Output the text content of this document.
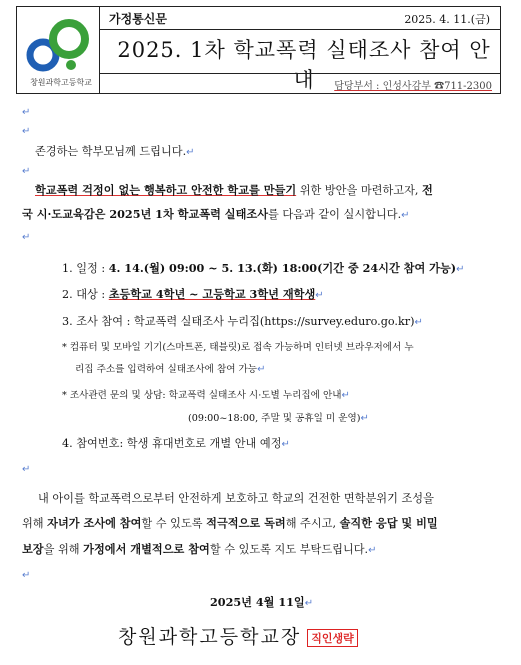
창원과학고등학교
가정통신문	2025. 4. 11.(금)
2025. 1차 학교폭력 실태조사 참여 안내	담당부서 : 인성사감부 ☎711-2300
↵
↵
존경하는 학부모님께 드립니다.↵
↵
학교폭력 걱정이 없는 행복하고 안전한 학교를 만들기 위한 방안을 마련하고자, 전
국 시·도교육감은 2025년 1차 학교폭력 실태조사를 다음과 같이 실시합니다.↵
↵
1. 일정 : 4. 14.(월) 09:00 ~ 5. 13.(화) 18:00(기간 중 24시간 참여 가능)↵
2. 대상 : 초등학교 4학년 ~ 고등학교 3학년 재학생↵
3. 조사 참여 : 학교폭력 실태조사 누리집(https://survey.eduro.go.kr)↵
* 컴퓨터 및 모바일 기기(스마트폰, 태블릿)로 접속 가능하며 인터넷 브라우저에서 누
리집 주소를 입력하여 실태조사에 참여 가능↵
* 조사관련 문의 및 상담: 학교폭력 실태조사 시·도별 누리집에 안내↵
(09:00~18:00, 주말 및 공휴일 미 운영)↵
4. 참여번호: 학생 휴대번호로 개별 안내 예정↵
↵
내 아이를 학교폭력으로부터 안전하게 보호하고 학교의 건전한 면학분위기 조성을
위해 자녀가 조사에 참여할 수 있도록 적극적으로 독려해 주시고, 솔직한 응답 및 비밀
보장을 위해 가정에서 개별적으로 참여할 수 있도록 지도 부탁드립니다.↵
↵
2025년 4월 11일↵
창원과학고등학교장 직인생략
